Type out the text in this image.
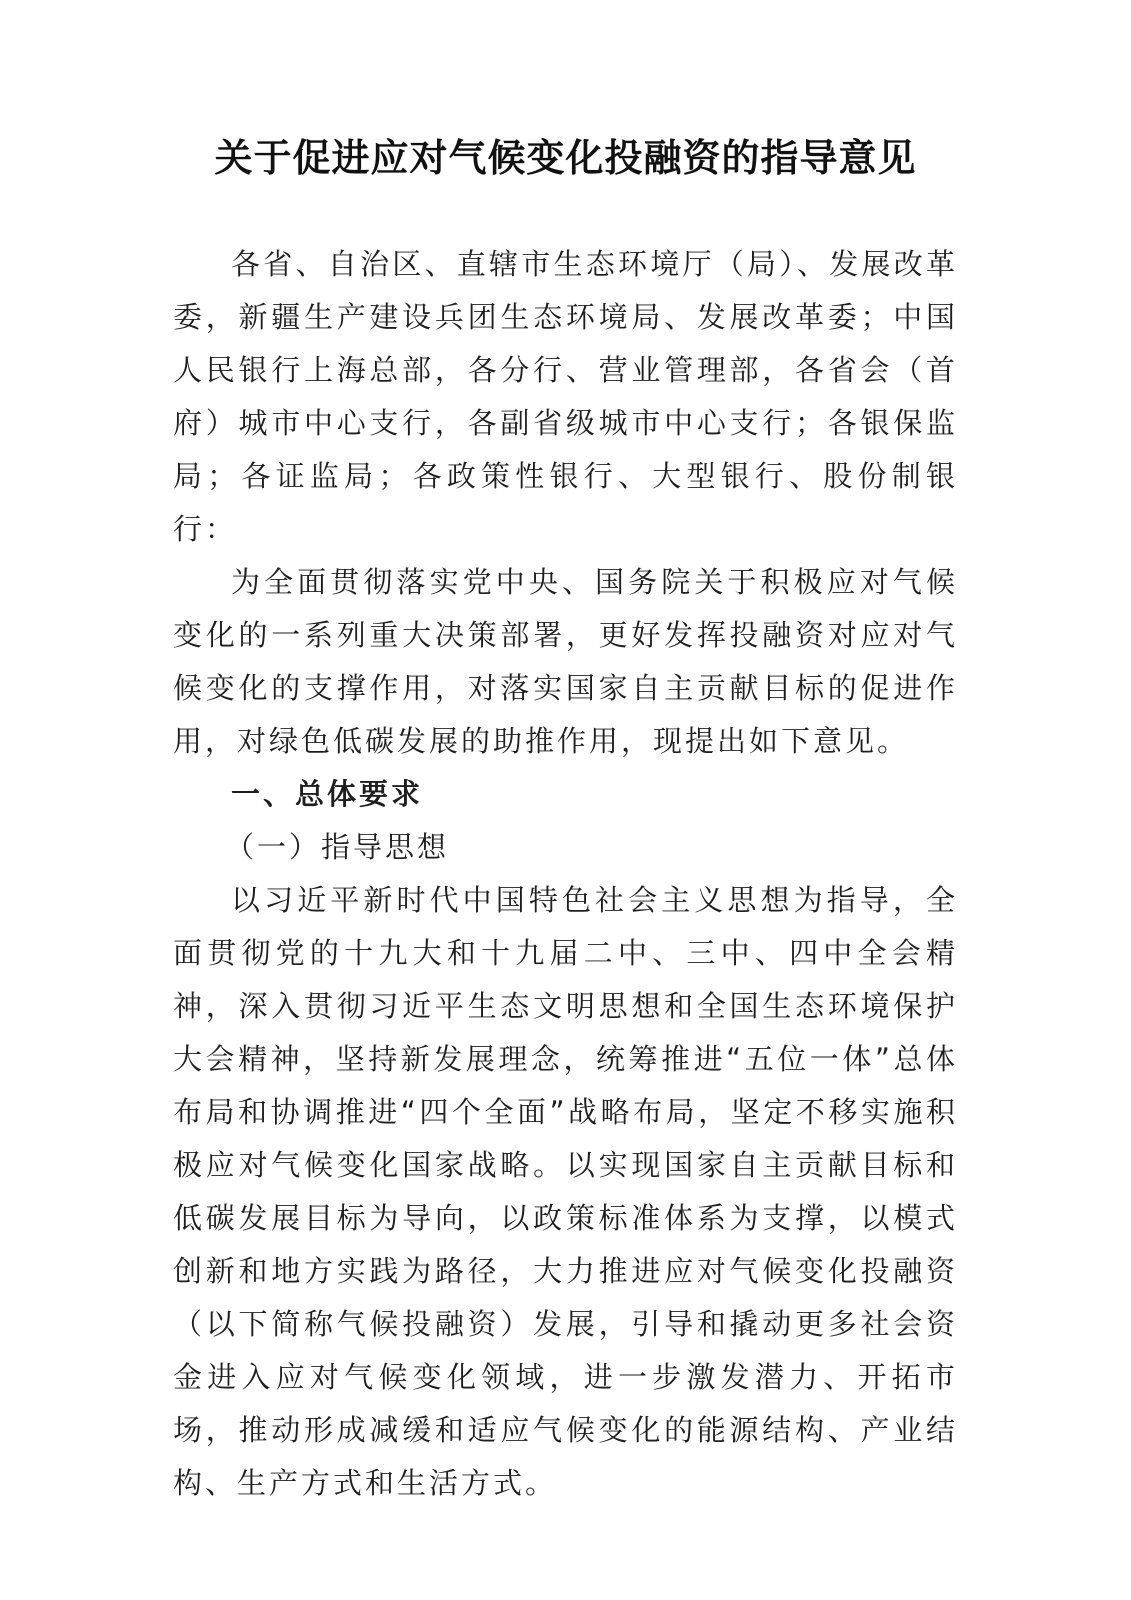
关于促进应对气候变化投融资的指导意见

各省、自治区、直辖市生态环境厅（局）、发展改革委，新疆生产建设兵团生态环境局、发展改革委；中国人民银行上海总部，各分行、营业管理部，各省会（首府）城市中心支行，各副省级城市中心支行；各银保监局；各证监局；各政策性银行、大型银行、股份制银行：

为全面贯彻落实党中央、国务院关于积极应对气候变化的一系列重大决策部署，更好发挥投融资对应对气候变化的支撑作用，对落实国家自主贡献目标的促进作用，对绿色低碳发展的助推作用，现提出如下意见。

一、总体要求

（一）指导思想

以习近平新时代中国特色社会主义思想为指导，全面贯彻党的十九大和十九届二中、三中、四中全会精神，深入贯彻习近平生态文明思想和全国生态环境保护大会精神，坚持新发展理念，统筹推进“五位一体”总体布局和协调推进“四个全面”战略布局，坚定不移实施积极应对气候变化国家战略。以实现国家自主贡献目标和低碳发展目标为导向，以政策标准体系为支撑，以模式创新和地方实践为路径，大力推进应对气候变化投融资（以下简称气候投融资）发展，引导和撬动更多社会资金进入应对气候变化领域，进一步激发潜力、开拓市场，推动形成减缓和适应气候变化的能源结构、产业结构、生产方式和生活方式。
